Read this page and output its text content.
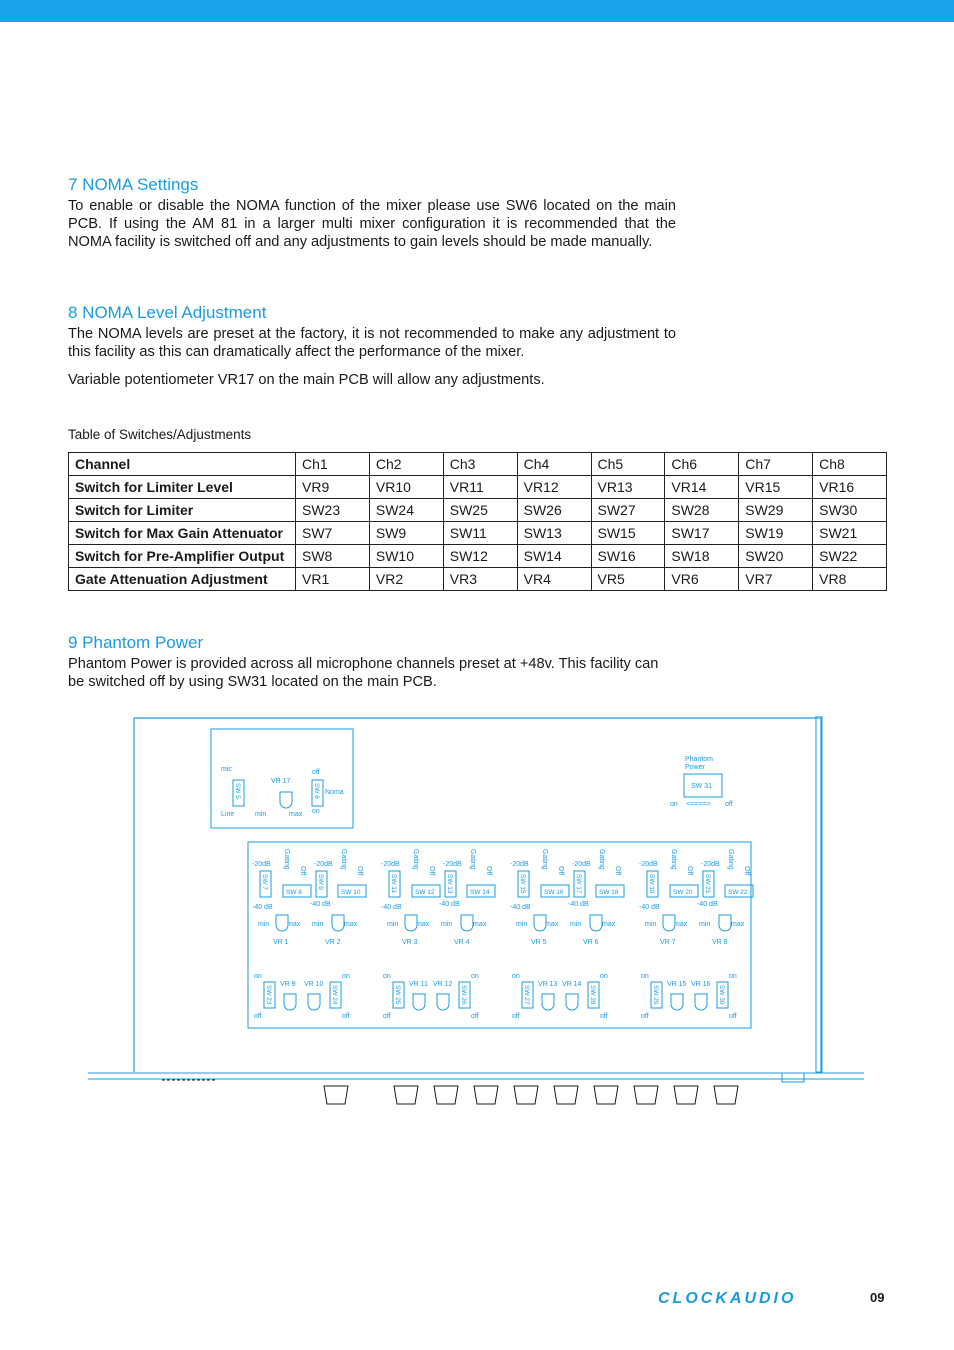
7 NOMA Settings

To enable or disable the NOMA function of the mixer please use SW6 located on the main PCB. If using the AM 81 in a larger multi mixer configuration it is recommended that the NOMA facility is switched off and any adjustments to gain levels should be made manually.

8 NOMA Level Adjustment

The NOMA levels are preset at the factory, it is not recommended to make any adjustment to this facility as this can dramatically affect the performance of the mixer.

Variable potentiometer VR17 on the main PCB will allow any adjustments.

Table of Switches/Adjustments
Channel	Ch1	Ch2	Ch3	Ch4	Ch5	Ch6	Ch7	Ch8
Switch for Limiter Level	VR9	VR10	VR11	VR12	VR13	VR14	VR15	VR16
Switch for Limiter	SW23	SW24	SW25	SW26	SW27	SW28	SW29	SW30
Switch for Max Gain Attenuator	SW7	SW9	SW11	SW13	SW15	SW17	SW19	SW21
Switch for Pre-Amplifier Output	SW8	SW10	SW12	SW14	SW16	SW18	SW20	SW22
Gate Attenuation Adjustment	VR1	VR2	VR3	VR4	VR5	VR6	VR7	VR8
9 Phantom Power

Phantom Power is provided across all microphone channels preset at +48v. This facility can be switched off by using SW31 located on the main PCB.

mic
Line
SW 5
VR 17
min	max
off
SW 6 Noma
on
Phantom
Power
SW 31
on <====> off
-20dB	-20dB
Gating	Gating
Off	Off
SW 7
SW 8
SW 9
SW 10
-40 dB	-40 dB
min	max min	max
VR 1	VR 2
on	on
SW 23	SW 24
VR 9 VR 10
off	off
-20dB	-20dB
Gating	Gating
Off	Off
SW 11	SW 12 SW 13	SW 14
-40 dB	-40 dB
min	max min	max
VR 3	VR 4
on	on
SW 25	SW 26
VR 11 VR 12
off	off
-20dB	-20dB
Gating	Gating
Off	Off
SW 15	SW 16 SW 17	SW 18
-40 dB	-40 dB
min	max min	max
VR 5	VR 6
on	on
SW 27	SW 28
VR 13 VR 14
off	off
-20dB	-20dB
Gating	Gating
Off	Off
SW 19	SW 20 SW 21	SW 22
-40 dB	-40 dB
min	max min	max
VR 7	VR 8
on	on
SW 29	SW 30
VR 15 VR 16
off	off
CLOCKAUDIO	09
